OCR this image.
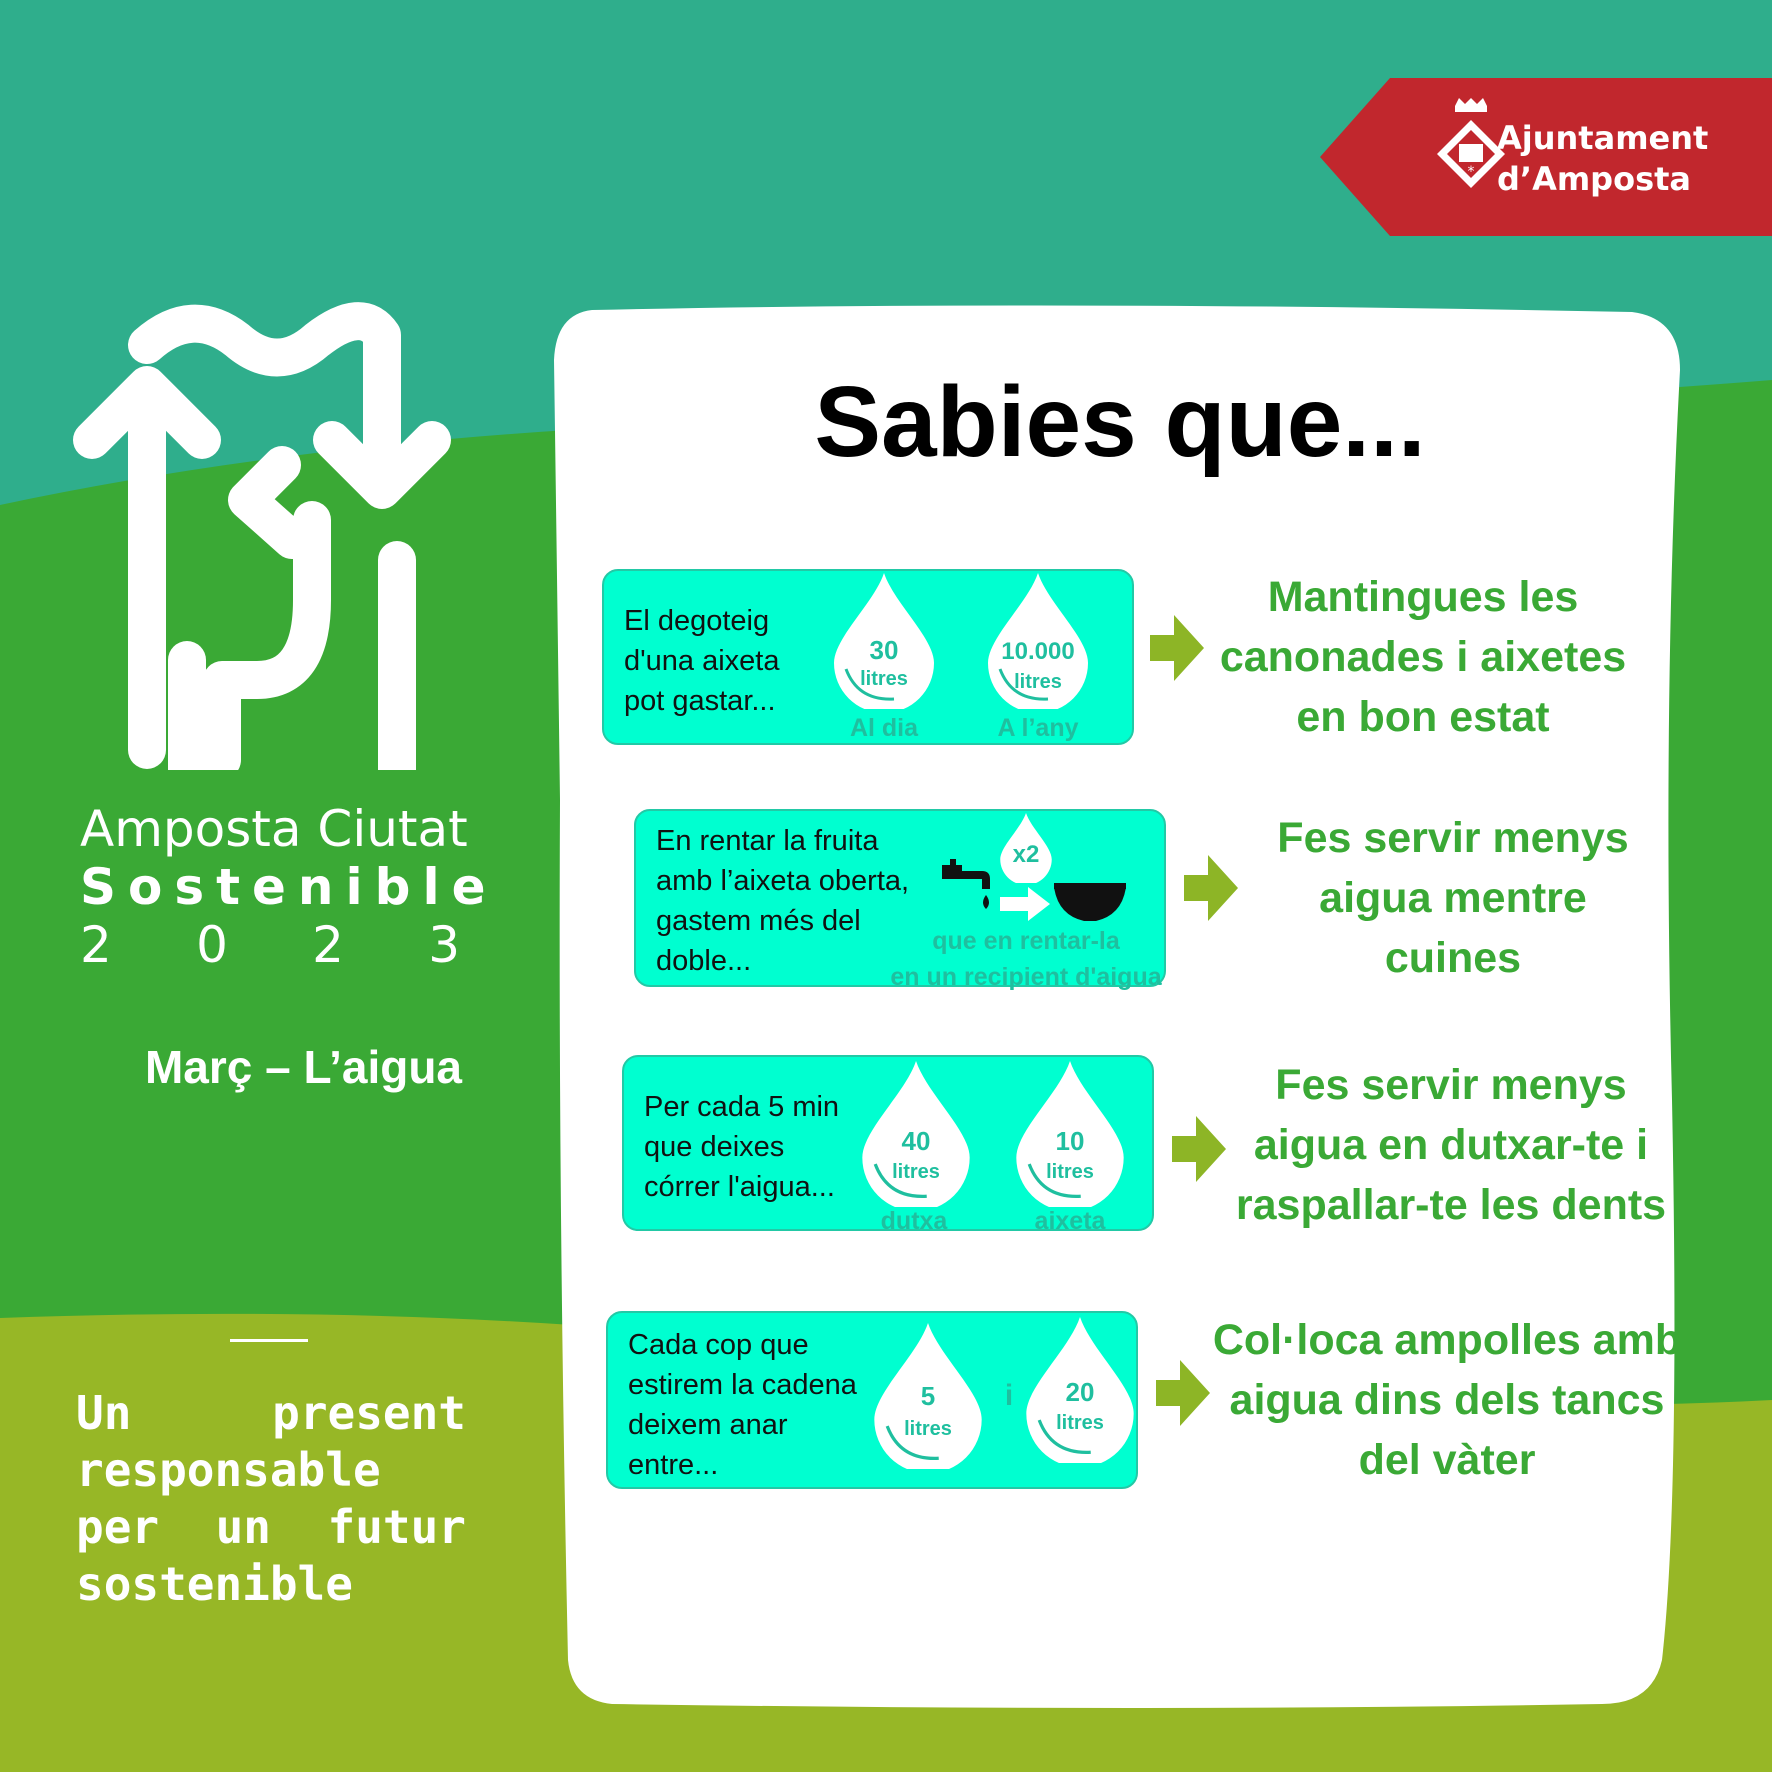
*
Ajuntament
d’Amposta
Amposta Ciutat
Sostenible
2 0 2 3
Març – L’aigua
Un	present
responsable
per un futur
sostenible
Sabies que...
El degoteig
d'una aixeta
pot gastar...
30
litres
Al dia
10.000
litres
A l’any
Mantingues les
canonades i aixetes
en bon estat
En rentar la fruita
amb l’aixeta oberta,
gastem més del
doble...
x2
que en rentar-la
en un recipient d'aigua
Fes servir menys
aigua mentre
cuines
Per cada 5 min
que deixes
córrer l'aigua...
40
litres
dutxa
10
litres
aixeta
Fes servir menys
aigua en dutxar-te i
raspallar-te les dents
Cada cop que
estirem la cadena
deixem anar
entre...
5
litres
i	20
litres
Col·loca ampolles amb
aigua dins dels tancs
del vàter
